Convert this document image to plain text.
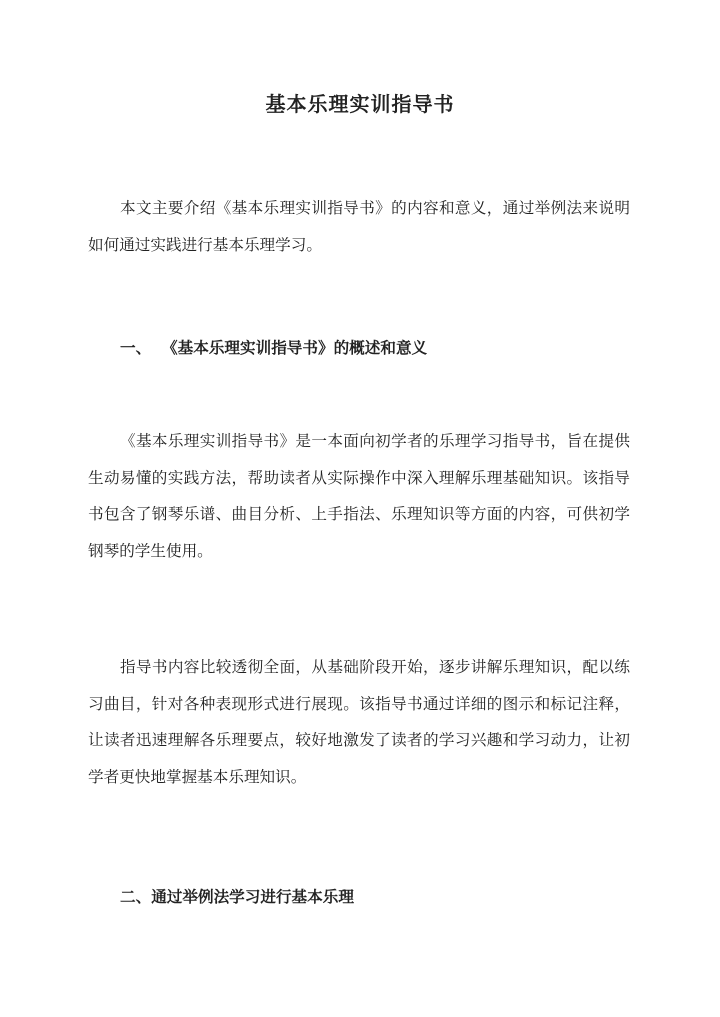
基本乐理实训指导书

本文主要介绍《基本乐理实训指导书》的内容和意义，通过举例法来说明如何通过实践进行基本乐理学习。

一、  《基本乐理实训指导书》的概述和意义

《基本乐理实训指导书》是一本面向初学者的乐理学习指导书，旨在提供生动易懂的实践方法，帮助读者从实际操作中深入理解乐理基础知识。该指导书包含了钢琴乐谱、曲目分析、上手指法、乐理知识等方面的内容，可供初学钢琴的学生使用。

指导书内容比较透彻全面，从基础阶段开始，逐步讲解乐理知识，配以练习曲目，针对各种表现形式进行展现。该指导书通过详细的图示和标记注释，让读者迅速理解各乐理要点，较好地激发了读者的学习兴趣和学习动力，让初学者更快地掌握基本乐理知识。

二、通过举例法学习进行基本乐理
